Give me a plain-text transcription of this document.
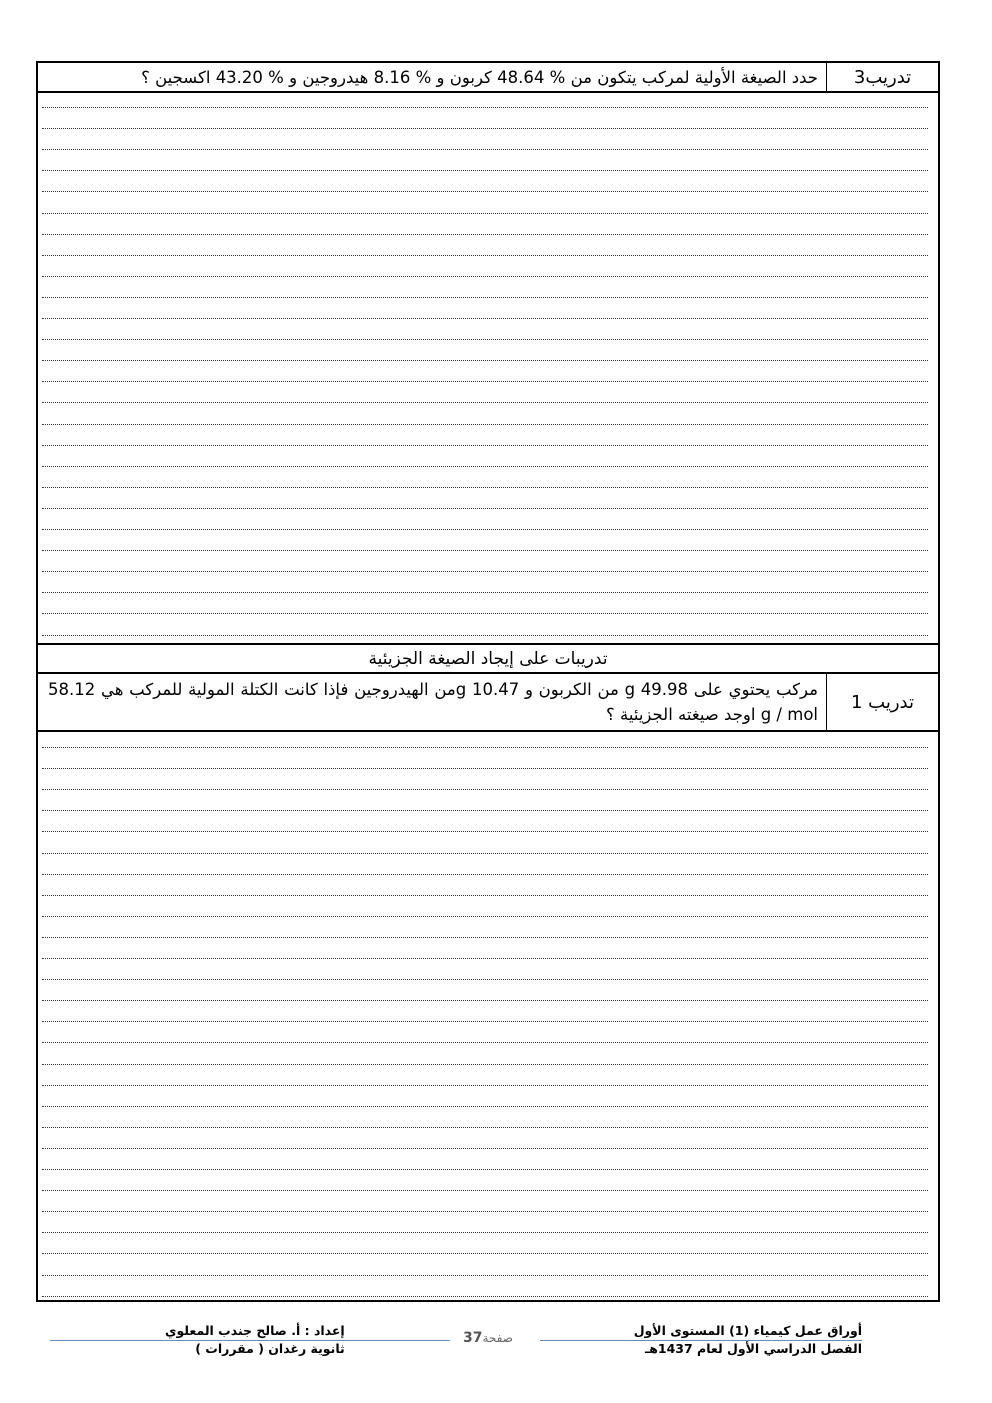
تدريب3
حدد الصيغة الأولية لمركب يتكون من % 48.64 كربون و % 8.16 هيدروجين و % 43.20 اكسجين ؟
تدريبات على إيجاد الصيغة الجزيئية
تدريب 1
مركب يحتوي على 49.98 g من الكربون و 10.47 gمن الهيدروجين فإذا كانت الكتلة المولية للمركب هي 58.12 g / mol اوجد صيغته الجزيئية ؟
أوراق عمل كيمياء (1) المستوى الأول
الفصل الدراسي الأول لعام 1437هـ
صفحة37
إعداد : أ. صالح جندب المعلوي
ثانوية رغدان ( مقررات )
